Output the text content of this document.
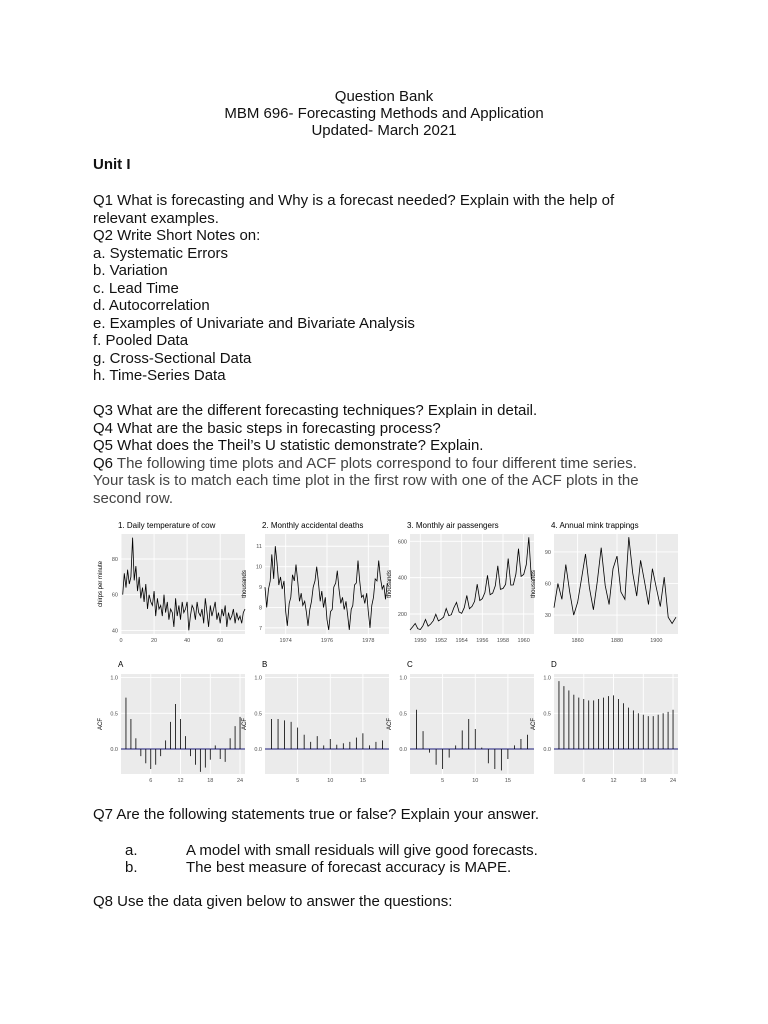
Question Bank
MBM 696- Forecasting Methods and Application
Updated- March 2021
Unit I
Q1 What is forecasting and Why is a forecast needed? Explain with the help of
relevant examples.
Q2 Write Short Notes on:
a. Systematic Errors
b. Variation
c. Lead Time
d. Autocorrelation
e. Examples of Univariate and Bivariate Analysis
f. Pooled Data
g. Cross-Sectional Data
h. Time-Series Data
Q3 What are the different forecasting techniques? Explain in detail.
Q4 What are the basic steps in forecasting process?
Q5 What does the Theil’s U statistic demonstrate? Explain.
Q6 The following time plots and ACF plots correspond to four different time series.
Your task is to match each time plot in the first row with one of the ACF plots in the
second row.
1. Daily temperature of cow
40
60
80
0	20	40	60
chirps per minute
2. Monthly accidental deaths
7
8
9
10
11
1974	1976	1978
thousands
3. Monthly air passengers
200
400
600
1950 1952 1954 1956 1958 1960
thousands
4. Annual mink trappings
30
60
90
1860	1880	1900
thousands
A
0.0
0.5
1.0
6	12	18	24
ACF
B
0.0
0.5
1.0
5	10	15
ACF
C
0.0
0.5
1.0
5	10	15
ACF
D
0.0
0.5
1.0
6	12	18	24
ACF
Q7 Are the following statements true or false? Explain your answer.
a.	A model with small residuals will give good forecasts.
b.	The best measure of forecast accuracy is MAPE.
Q8 Use the data given below to answer the questions:
